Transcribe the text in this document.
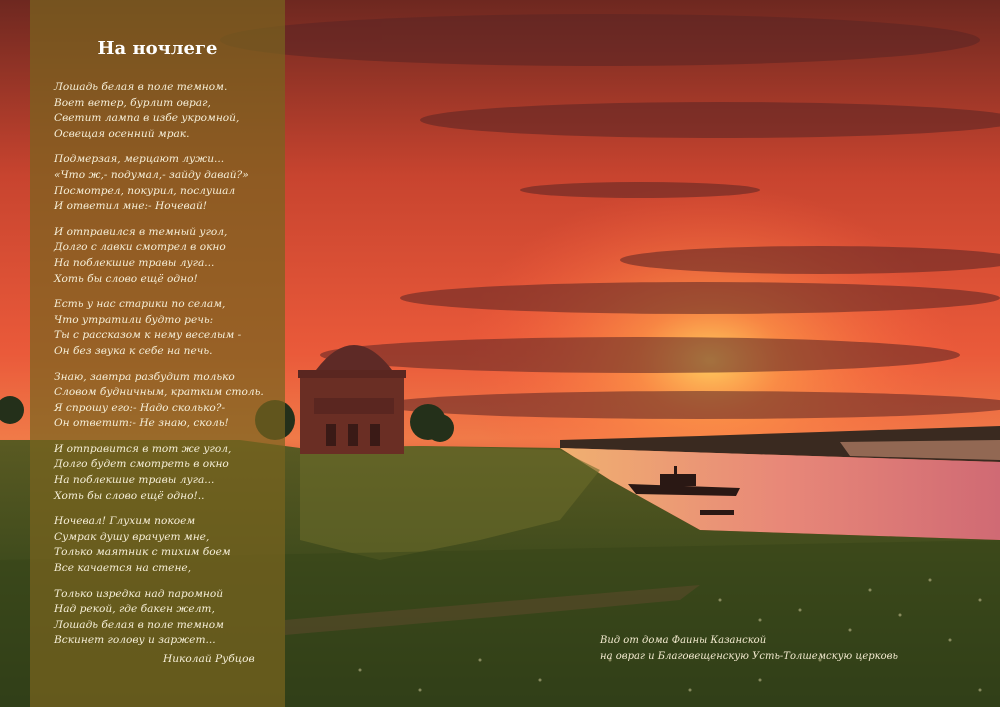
На ночлеге
Лошадь белая в поле темном.
Воет ветер, бурлит овраг,
Светит лампа в избе укромной,
Освещая осенний мрак.
Подмерзая, мерцают лужи...
«Что ж,- подумал,- зайду давай?»
Посмотрел, покурил, послушал
И ответил мне:- Ночевай!
И отправился в темный угол,
Долго с лавки смотрел в окно
На поблекшие травы луга...
Хоть бы слово ещё одно!
Есть у нас старики по селам,
Что утратили будто речь:
Ты с рассказом к нему веселым -
Он без звука к себе на печь.
Знаю, завтра разбудит только
Словом будничным, кратким столь.
Я спрошу его:- Надо сколько?-
Он ответит:- Не знаю, сколь!
И отправится в тот же угол,
Долго будет смотреть в окно
На поблекшие травы луга...
Хоть бы слово ещё одно!..
Ночевал! Глухим покоем
Сумрак душу врачует мне,
Только маятник с тихим боем
Все качается на стене,
Только изредка над паромной
Над рекой, где бакен желт,
Лошадь белая в поле темном
Вскинет голову и заржет...
Николай Рубцов
Вид от дома Фаины Казанской
на овраг и Благовещенскую Усть-Толшемскую церковь
